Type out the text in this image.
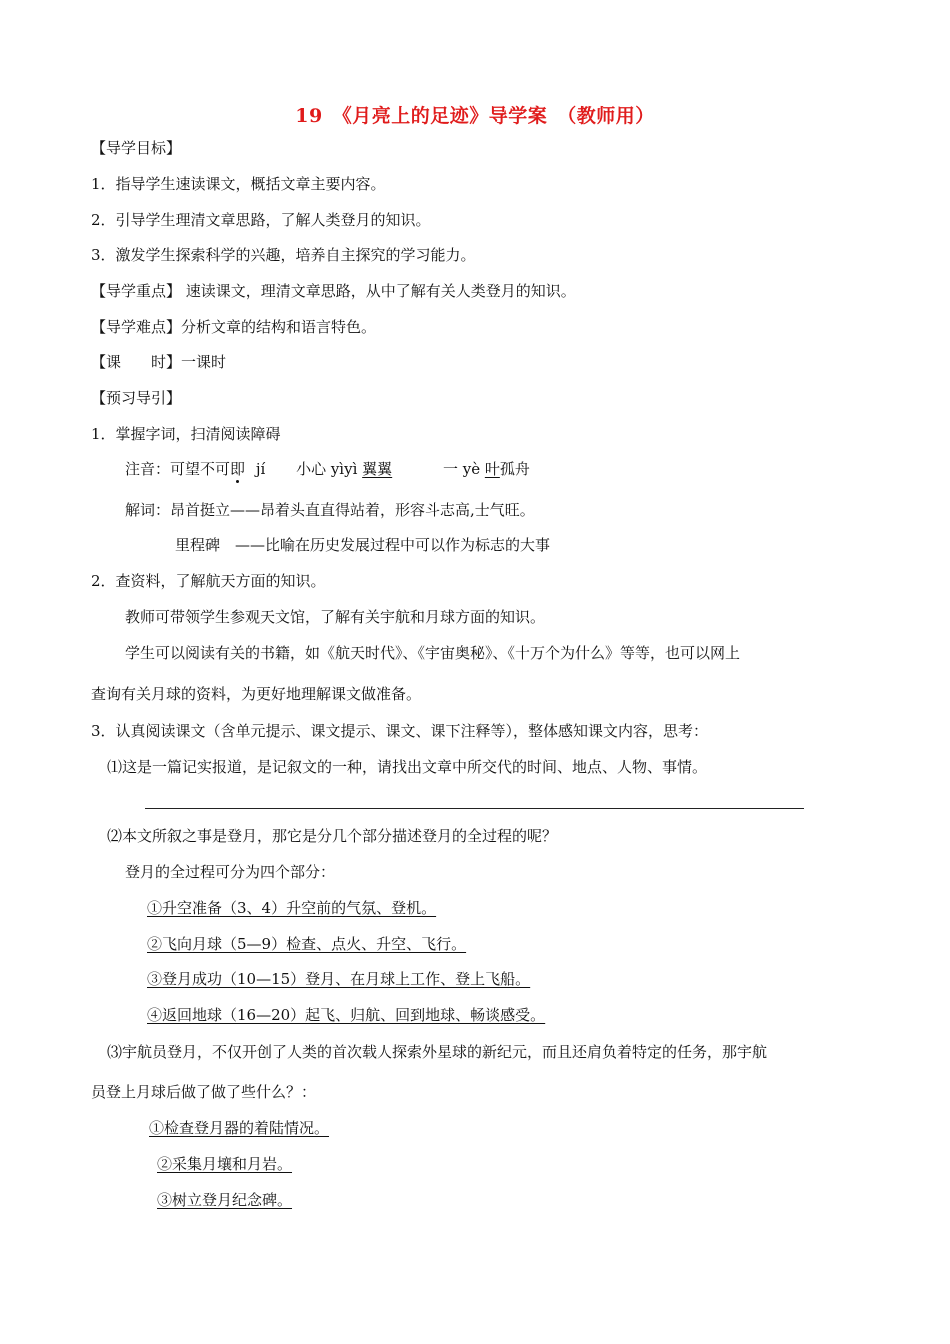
19　《月亮上的足迹》导学案　（教师用）
【导学目标】
1．指导学生速读课文，概括文章主要内容。
2．引导学生理清文章思路，了解人类登月的知识。
3．激发学生探索科学的兴趣，培养自主探究的学习能力。
【导学重点】 速读课文，理清文章思路，从中了解有关人类登月的知识。
【导学难点】分析文章的结构和语言特色。
【课　　时】一课时
【预习导引】
1．掌握字词，扫清阅读障碍
注音：可望不可即 jí 小心 yìyì 翼翼	一 yè 叶孤舟
解词：昂首挺立——昂着头直直得站着，形容斗志高,士气旺。
里程碑　——比喻在历史发展过程中可以作为标志的大事
2．查资料，了解航天方面的知识。
教师可带领学生参观天文馆，了解有关宇航和月球方面的知识。
学生可以阅读有关的书籍，如《航天时代》、《宇宙奥秘》、《十万个为什么》等等，也可以网上
查询有关月球的资料，为更好地理解课文做准备。
3．认真阅读课文（含单元提示、课文提示、课文、课下注释等），整体感知课文内容，思考：
⑴这是一篇记实报道，是记叙文的一种，请找出文章中所交代的时间、地点、人物、事情。
⑵本文所叙之事是登月，那它是分几个部分描述登月的全过程的呢？
登月的全过程可分为四个部分：
①升空准备（3、4）升空前的气氛、登机。
②飞向月球（5—9）检查、点火、升空、飞行。
③登月成功（10—15）登月、在月球上工作、登上飞船。
④返回地球（16—20）起飞、归航、回到地球、畅谈感受。
⑶宇航员登月，不仅开创了人类的首次载人探索外星球的新纪元，而且还肩负着特定的任务，那宇航
员登上月球后做了做了些什么？：
①检查登月器的着陆情况。
②采集月壤和月岩。
③树立登月纪念碑。
